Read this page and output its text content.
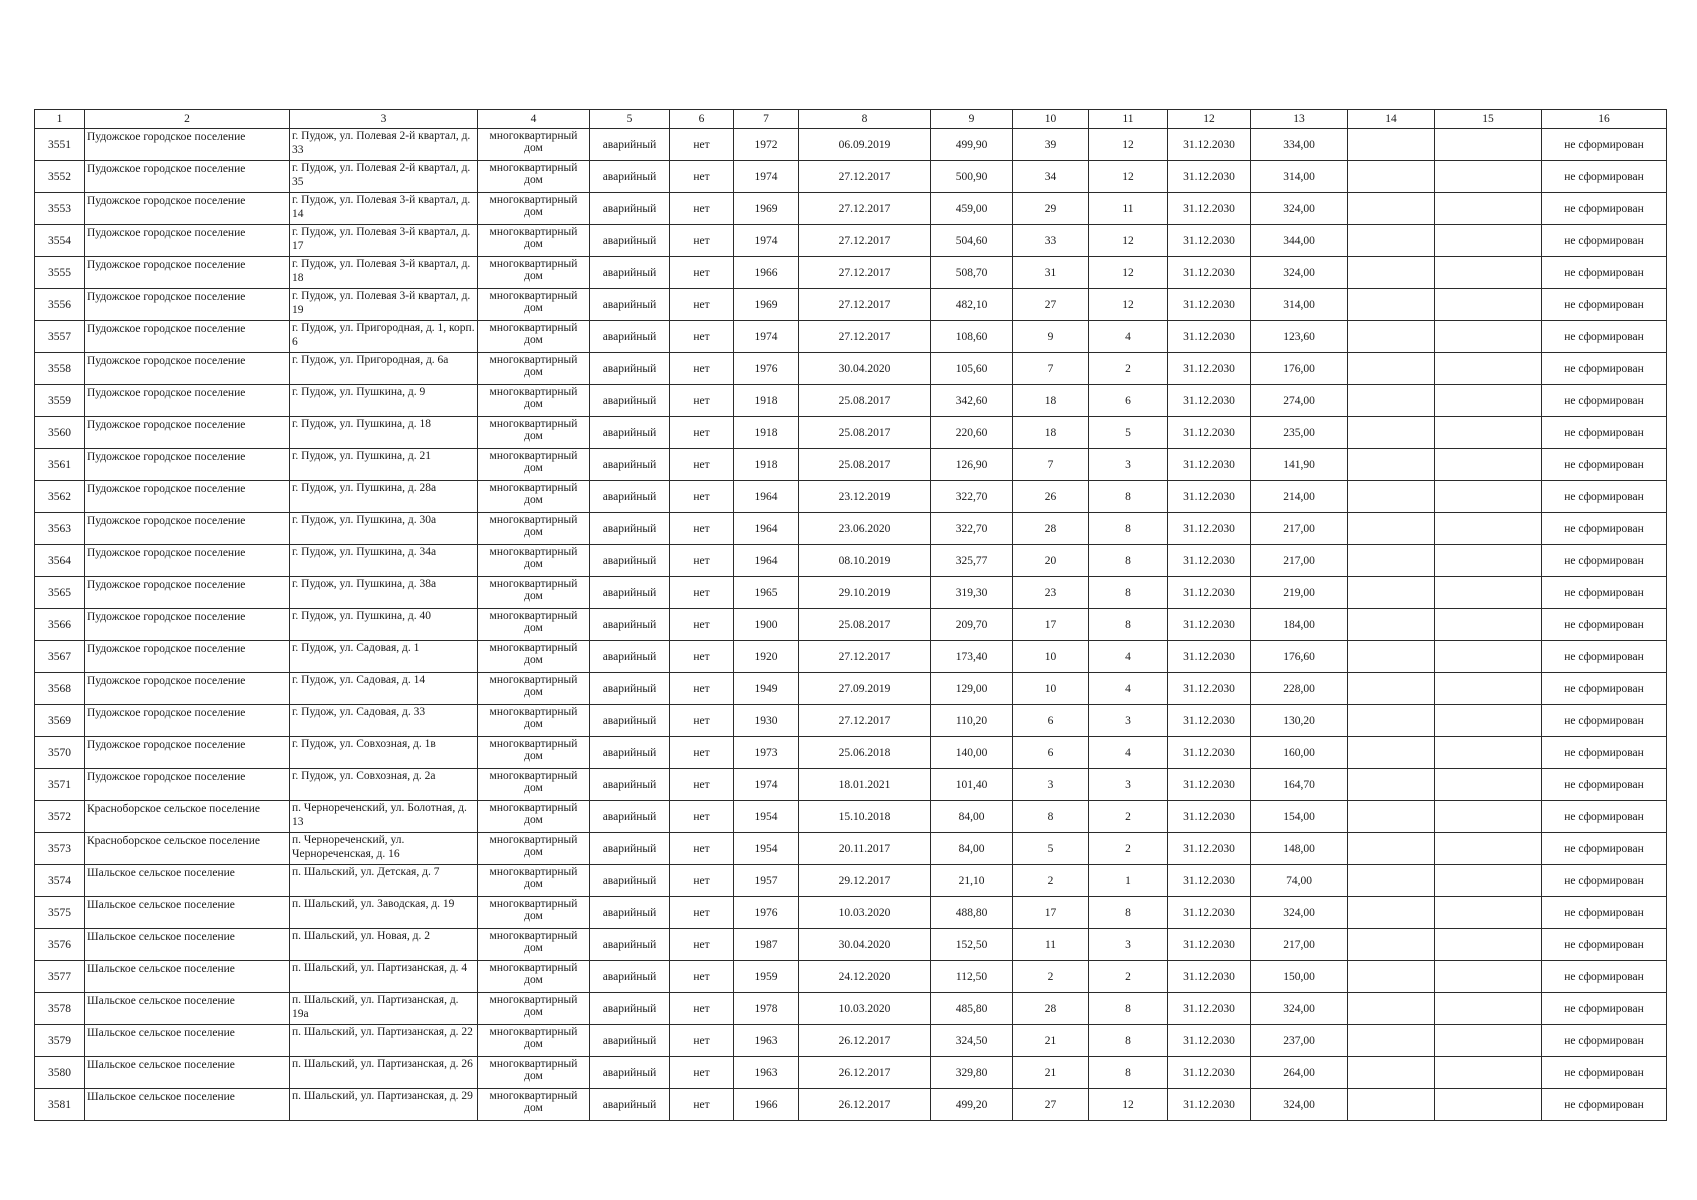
1	2	3	4	5	6	7	8	9	10	11	12	13	14	15	16
3551	Пудожское городское поселение	г. Пудож, ул. Полевая 2-й квартал, д. 33	многоквартирный дом	аварийный	нет	1972	06.09.2019	499,90	39	12	31.12.2030	334,00			не сформирован
3552	Пудожское городское поселение	г. Пудож, ул. Полевая 2-й квартал, д. 35	многоквартирный дом	аварийный	нет	1974	27.12.2017	500,90	34	12	31.12.2030	314,00			не сформирован
3553	Пудожское городское поселение	г. Пудож, ул. Полевая 3-й квартал, д. 14	многоквартирный дом	аварийный	нет	1969	27.12.2017	459,00	29	11	31.12.2030	324,00			не сформирован
3554	Пудожское городское поселение	г. Пудож, ул. Полевая 3-й квартал, д. 17	многоквартирный дом	аварийный	нет	1974	27.12.2017	504,60	33	12	31.12.2030	344,00			не сформирован
3555	Пудожское городское поселение	г. Пудож, ул. Полевая 3-й квартал, д. 18	многоквартирный дом	аварийный	нет	1966	27.12.2017	508,70	31	12	31.12.2030	324,00			не сформирован
3556	Пудожское городское поселение	г. Пудож, ул. Полевая 3-й квартал, д. 19	многоквартирный дом	аварийный	нет	1969	27.12.2017	482,10	27	12	31.12.2030	314,00			не сформирован
3557	Пудожское городское поселение	г. Пудож, ул. Пригородная, д. 1, корп. 6	многоквартирный дом	аварийный	нет	1974	27.12.2017	108,60	9	4	31.12.2030	123,60			не сформирован
3558	Пудожское городское поселение	г. Пудож, ул. Пригородная, д. 6а	многоквартирный дом	аварийный	нет	1976	30.04.2020	105,60	7	2	31.12.2030	176,00			не сформирован
3559	Пудожское городское поселение	г. Пудож, ул. Пушкина, д. 9	многоквартирный дом	аварийный	нет	1918	25.08.2017	342,60	18	6	31.12.2030	274,00			не сформирован
3560	Пудожское городское поселение	г. Пудож, ул. Пушкина, д. 18	многоквартирный дом	аварийный	нет	1918	25.08.2017	220,60	18	5	31.12.2030	235,00			не сформирован
3561	Пудожское городское поселение	г. Пудож, ул. Пушкина, д. 21	многоквартирный дом	аварийный	нет	1918	25.08.2017	126,90	7	3	31.12.2030	141,90			не сформирован
3562	Пудожское городское поселение	г. Пудож, ул. Пушкина, д. 28а	многоквартирный дом	аварийный	нет	1964	23.12.2019	322,70	26	8	31.12.2030	214,00			не сформирован
3563	Пудожское городское поселение	г. Пудож, ул. Пушкина, д. 30а	многоквартирный дом	аварийный	нет	1964	23.06.2020	322,70	28	8	31.12.2030	217,00			не сформирован
3564	Пудожское городское поселение	г. Пудож, ул. Пушкина, д. 34а	многоквартирный дом	аварийный	нет	1964	08.10.2019	325,77	20	8	31.12.2030	217,00			не сформирован
3565	Пудожское городское поселение	г. Пудож, ул. Пушкина, д. 38а	многоквартирный дом	аварийный	нет	1965	29.10.2019	319,30	23	8	31.12.2030	219,00			не сформирован
3566	Пудожское городское поселение	г. Пудож, ул. Пушкина, д. 40	многоквартирный дом	аварийный	нет	1900	25.08.2017	209,70	17	8	31.12.2030	184,00			не сформирован
3567	Пудожское городское поселение	г. Пудож, ул. Садовая, д. 1	многоквартирный дом	аварийный	нет	1920	27.12.2017	173,40	10	4	31.12.2030	176,60			не сформирован
3568	Пудожское городское поселение	г. Пудож, ул. Садовая, д. 14	многоквартирный дом	аварийный	нет	1949	27.09.2019	129,00	10	4	31.12.2030	228,00			не сформирован
3569	Пудожское городское поселение	г. Пудож, ул. Садовая, д. 33	многоквартирный дом	аварийный	нет	1930	27.12.2017	110,20	6	3	31.12.2030	130,20			не сформирован
3570	Пудожское городское поселение	г. Пудож, ул. Совхозная, д. 1в	многоквартирный дом	аварийный	нет	1973	25.06.2018	140,00	6	4	31.12.2030	160,00			не сформирован
3571	Пудожское городское поселение	г. Пудож, ул. Совхозная, д. 2а	многоквартирный дом	аварийный	нет	1974	18.01.2021	101,40	3	3	31.12.2030	164,70			не сформирован
3572	Красноборское сельское поселение	п. Чернореченский, ул. Болотная, д. 13	многоквартирный дом	аварийный	нет	1954	15.10.2018	84,00	8	2	31.12.2030	154,00			не сформирован
3573	Красноборское сельское поселение	п. Чернореченский, ул. Чернореченская, д. 16	многоквартирный дом	аварийный	нет	1954	20.11.2017	84,00	5	2	31.12.2030	148,00			не сформирован
3574	Шальское сельское поселение	п. Шальский, ул. Детская, д. 7	многоквартирный дом	аварийный	нет	1957	29.12.2017	21,10	2	1	31.12.2030	74,00			не сформирован
3575	Шальское сельское поселение	п. Шальский, ул. Заводская, д. 19	многоквартирный дом	аварийный	нет	1976	10.03.2020	488,80	17	8	31.12.2030	324,00			не сформирован
3576	Шальское сельское поселение	п. Шальский, ул. Новая, д. 2	многоквартирный дом	аварийный	нет	1987	30.04.2020	152,50	11	3	31.12.2030	217,00			не сформирован
3577	Шальское сельское поселение	п. Шальский, ул. Партизанская, д. 4	многоквартирный дом	аварийный	нет	1959	24.12.2020	112,50	2	2	31.12.2030	150,00			не сформирован
3578	Шальское сельское поселение	п. Шальский, ул. Партизанская, д. 19а	многоквартирный дом	аварийный	нет	1978	10.03.2020	485,80	28	8	31.12.2030	324,00			не сформирован
3579	Шальское сельское поселение	п. Шальский, ул. Партизанская, д. 22	многоквартирный дом	аварийный	нет	1963	26.12.2017	324,50	21	8	31.12.2030	237,00			не сформирован
3580	Шальское сельское поселение	п. Шальский, ул. Партизанская, д. 26	многоквартирный дом	аварийный	нет	1963	26.12.2017	329,80	21	8	31.12.2030	264,00			не сформирован
3581	Шальское сельское поселение	п. Шальский, ул. Партизанская, д. 29	многоквартирный дом	аварийный	нет	1966	26.12.2017	499,20	27	12	31.12.2030	324,00			не сформирован
